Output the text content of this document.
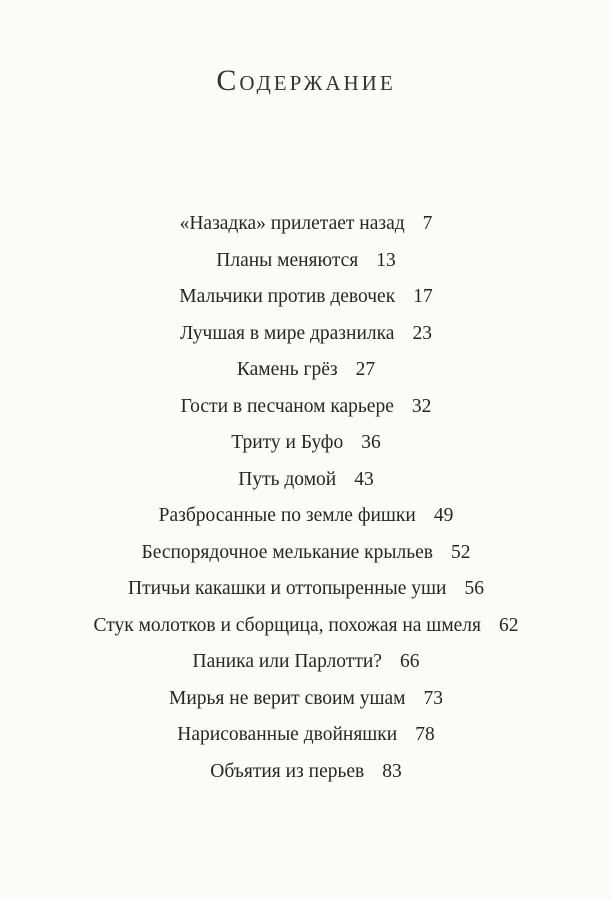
Содержание
«Назадка» прилетает назад 7
Планы меняются 13
Мальчики против девочек 17
Лучшая в мире дразнилка 23
Камень грёз 27
Гости в песчаном карьере 32
Триту и Буфо 36
Путь домой 43
Разбросанные по земле фишки 49
Беспорядочное мелькание крыльев 52
Птичьи какашки и оттопыренные уши 56
Стук молотков и сборщица, похожая на шмеля 62
Паника или Парлотти? 66
Мирья не верит своим ушам 73
Нарисованные двойняшки 78
Объятия из перьев 83
